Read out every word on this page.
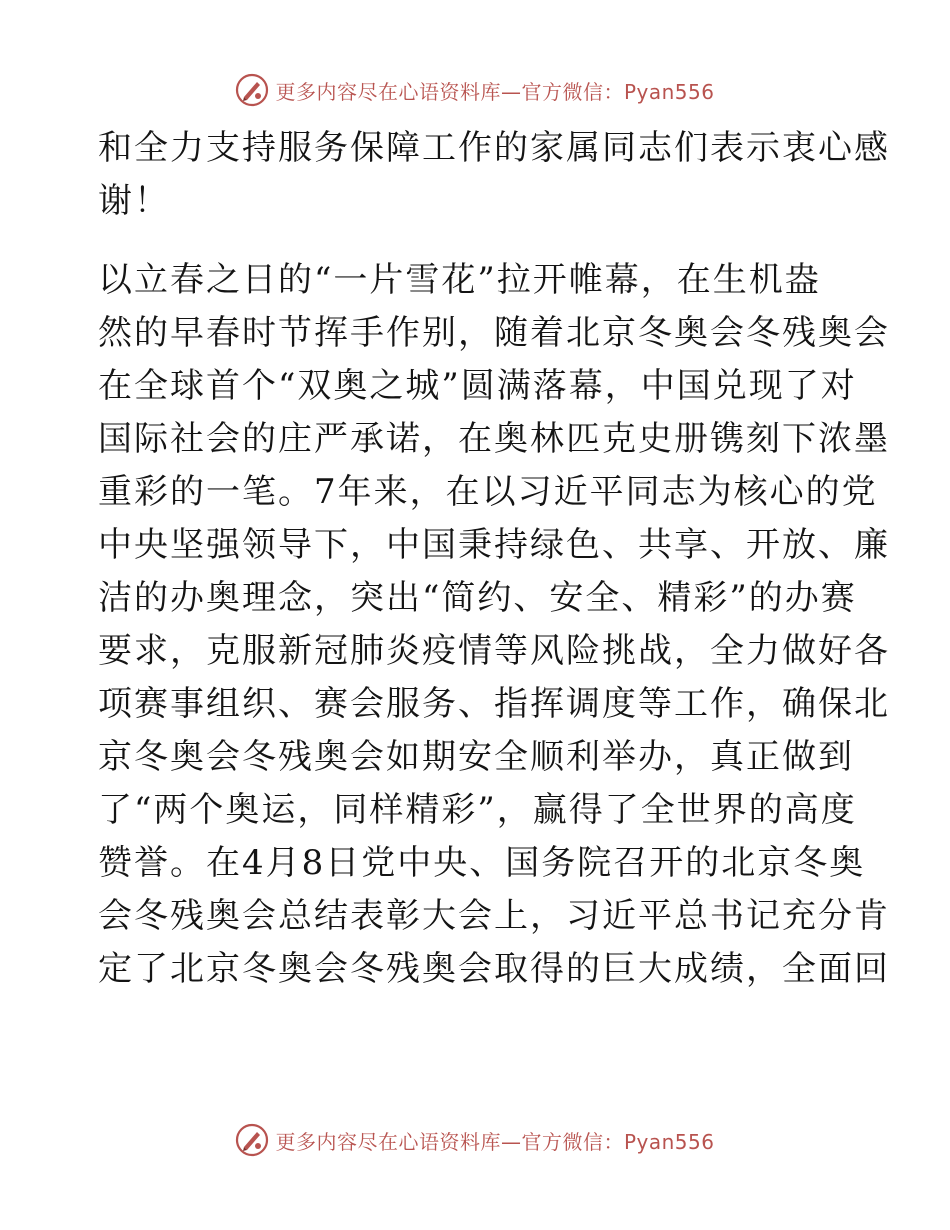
更多内容尽在心语资料库—官方微信：Pyan556
和全力支持服务保障工作的家属同志们表示衷心感
谢！
以立春之日的“一片雪花”拉开帷幕，在生机盎
然的早春时节挥手作别，随着北京冬奥会冬残奥会
在全球首个“双奥之城”圆满落幕，中国兑现了对
国际社会的庄严承诺，在奥林匹克史册镌刻下浓墨
重彩的一笔。7年来，在以习近平同志为核心的党
中央坚强领导下，中国秉持绿色、共享、开放、廉
洁的办奥理念，突出“简约、安全、精彩”的办赛
要求，克服新冠肺炎疫情等风险挑战，全力做好各
项赛事组织、赛会服务、指挥调度等工作，确保北
京冬奥会冬残奥会如期安全顺利举办，真正做到
了“两个奥运，同样精彩”，赢得了全世界的高度
赞誉。在4月8日党中央、国务院召开的北京冬奥
会冬残奥会总结表彰大会上，习近平总书记充分肯
定了北京冬奥会冬残奥会取得的巨大成绩，全面回
更多内容尽在心语资料库—官方微信：Pyan556
